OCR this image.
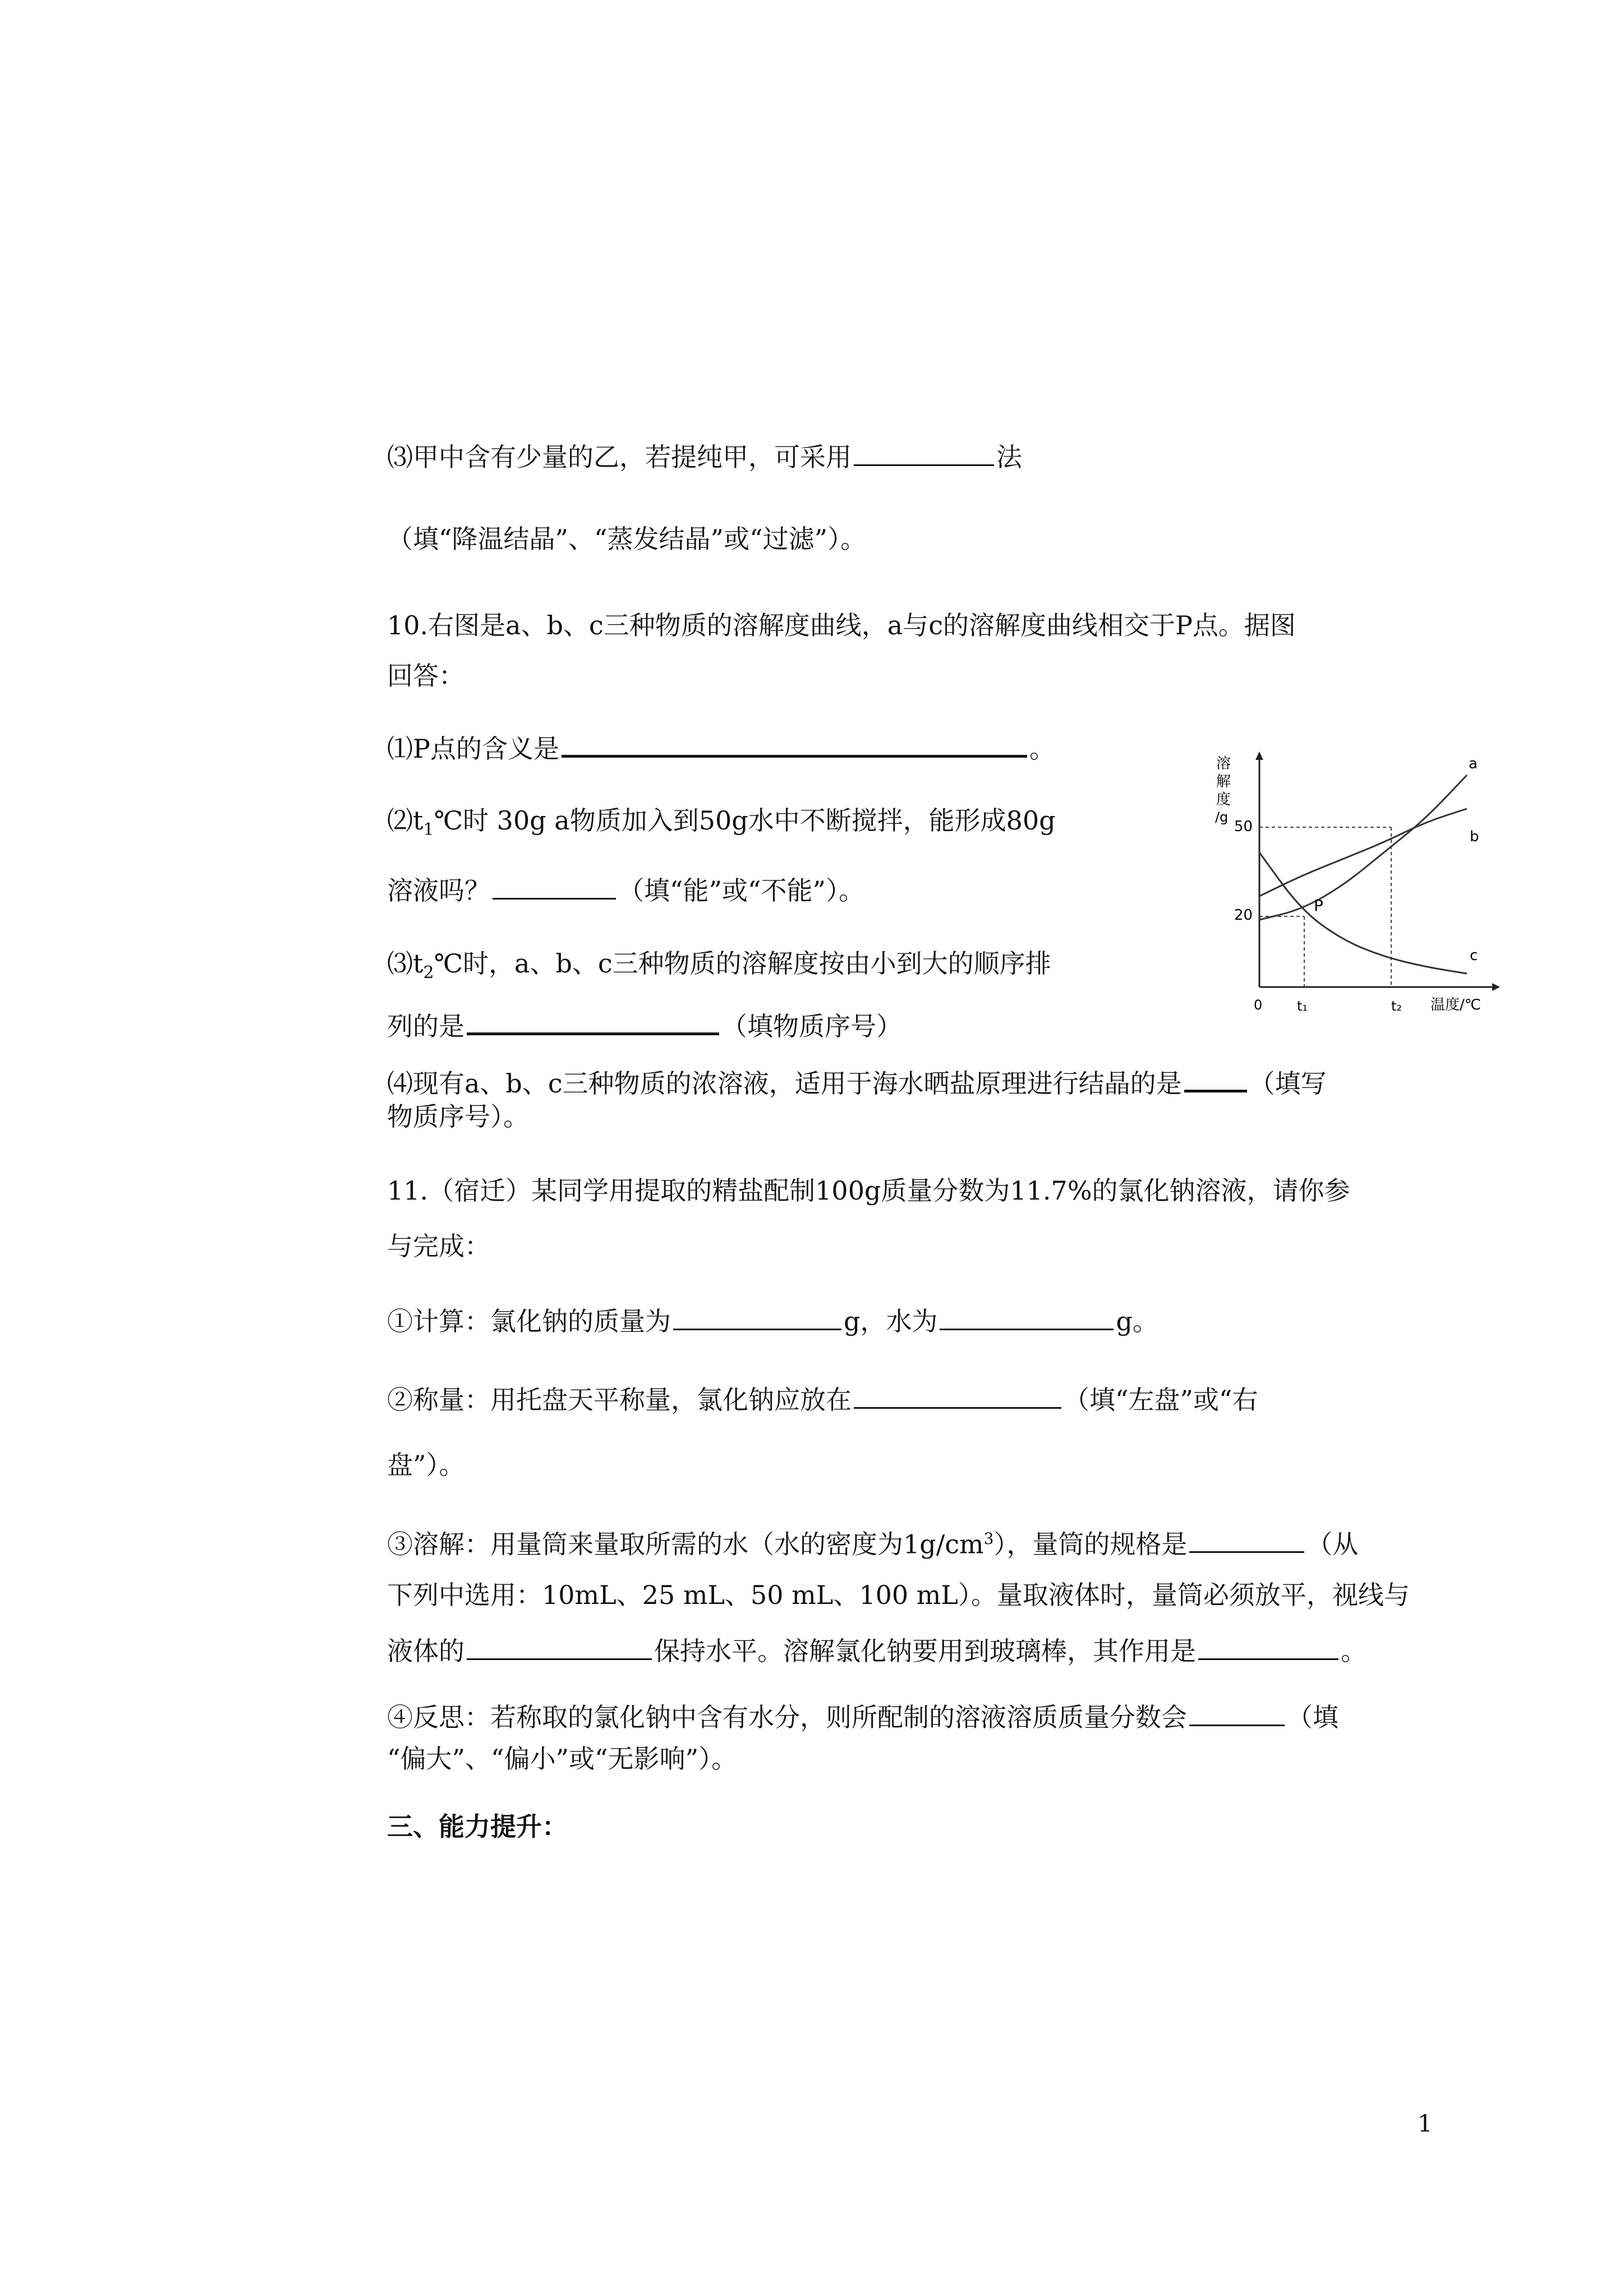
⑶甲中含有少量的乙，若提纯甲，可采用	法
（填“降温结晶”、“蒸发结晶”或“过滤”）。
10.右图是a、b、c三种物质的溶解度曲线，a与c的溶解度曲线相交于P点。据图
回答：
⑴P点的含义是	。
$⑵t_1℃$时 30g a物质加入到50g水中不断搅拌，能形成80g
溶液吗？	（填“能”或“不能”）。
$⑶t_2℃$时，a、b、c三种物质的溶解度按由小到大的顺序排
列的是	（填物质序号）
⑷现有a、b、c三种物质的浓溶液，适用于海水晒盐原理进行结晶的是	（填写
物质序号）。
溶
解
度
/g
50
20
0	t₁	t₂ 温度/℃
a
b
c
P
11.（宿迁）某同学用提取的精盐配制100g质量分数为11.7%的氯化钠溶液，请你参
与完成：
①计算：氯化钠的质量为	g，水为	g。
②称量：用托盘天平称量，氯化钠应放在	（填“左盘”或“右
盘”）。
③溶解：用量筒来量取所需的水（水的密度为$1g/cm^3$），量筒的规格是	（从
下列中选用：10mL、25 mL、50 mL、100 mL）。量取液体时，量筒必须放平，视线与
液体的	保持水平。溶解氯化钠要用到玻璃棒，其作用是	。
④反思：若称取的氯化钠中含有水分，则所配制的溶液溶质质量分数会	（填
“偏大”、“偏小”或“无影响”）。
三、能力提升：
1
